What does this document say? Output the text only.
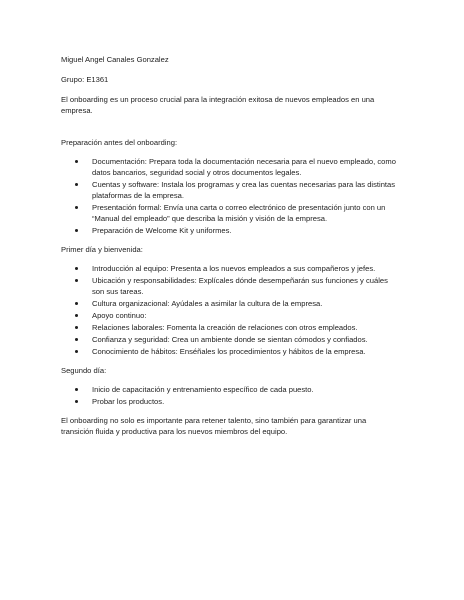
Miguel Angel Canales Gonzalez

Grupo: E1361

El onboarding es un proceso crucial para la integración exitosa de nuevos empleados en una empresa.

Preparación antes del onboarding:

Documentación: Prepara toda la documentación necesaria para el nuevo empleado, como datos bancarios, seguridad social y otros documentos legales.
Cuentas y software: Instala los programas y crea las cuentas necesarias para las distintas plataformas de la empresa.
Presentación formal: Envía una carta o correo electrónico de presentación junto con un “Manual del empleado” que describa la misión y visión de la empresa.
Preparación de Welcome Kit y uniformes.

Primer día y bienvenida:

Introducción al equipo: Presenta a los nuevos empleados a sus compañeros y jefes.
Ubicación y responsabilidades: Explícales dónde desempeñarán sus funciones y cuáles son sus tareas.
Cultura organizacional: Ayúdales a asimilar la cultura de la empresa.
Apoyo continuo:
Relaciones laborales: Fomenta la creación de relaciones con otros empleados.
Confianza y seguridad: Crea un ambiente donde se sientan cómodos y confiados.
Conocimiento de hábitos: Enséñales los procedimientos y hábitos de la empresa.

Segundo día:

Inicio de capacitación y entrenamiento específico de cada puesto.
Probar los productos.

El onboarding no solo es importante para retener talento, sino también para garantizar una transición fluida y productiva para los nuevos miembros del equipo.
